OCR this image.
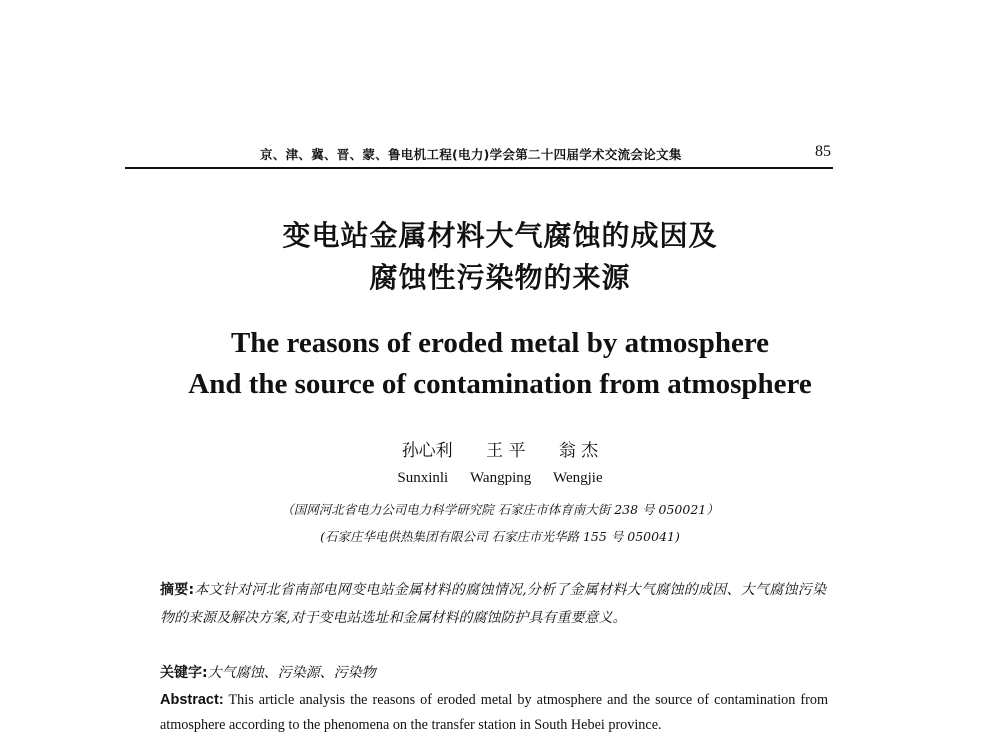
京、津、冀、晋、蒙、鲁电机工程(电力)学会第二十四届学术交流会论文集	85
变电站金属材料大气腐蚀的成因及
腐蚀性污染物的来源
The reasons of eroded metal by atmosphere
And the source of contamination from atmosphere
孙心利 王 平 翁 杰
Sunxinli Wangping Wengjie
（国网河北省电力公司电力科学研究院 石家庄市体育南大街 238 号 050021）
(石家庄华电供热集团有限公司 石家庄市光华路 155 号 050041)
摘要:本文针对河北省南部电网变电站金属材料的腐蚀情况,分析了金属材料大气腐蚀的成因、大气腐蚀污染物的来源及解决方案,对于变电站选址和金属材料的腐蚀防护具有重要意义。
关键字:大气腐蚀、污染源、污染物
Abstract: This article analysis the reasons of eroded metal by atmosphere and the source of contamination from atmosphere according to the phenomena on the transfer station in South Hebei province.
